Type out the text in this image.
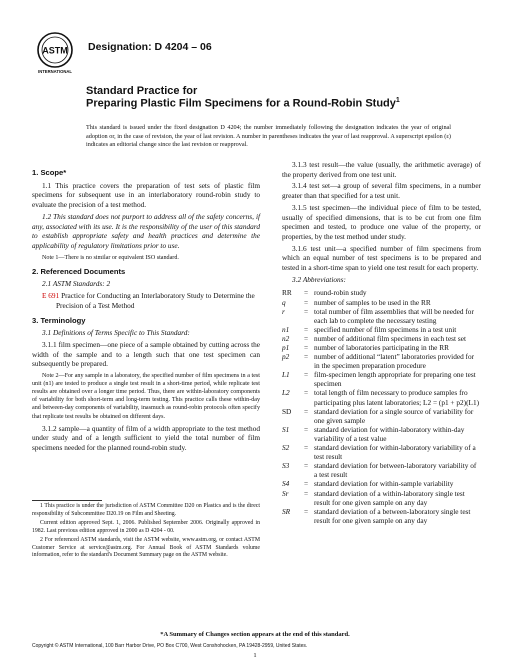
ASTM
INTERNATIONAL
Designation: D 4204 – 06
Standard Practice for
Preparing Plastic Film Specimens for a Round-Robin Study$^1$
This standard is issued under the fixed designation D 4204; the number immediately following the designation indicates the year of original adoption or, in the case of revision, the year of last revision. A number in parentheses indicates the year of last reapproval. A superscript epsilon (ε) indicates an editorial change since the last revision or reapproval.
1. Scope*

1.1 This practice covers the preparation of test sets of plastic film specimens for subsequent use in an interlaboratory round-robin study to evaluate the precision of a test method.

1.2 This standard does not purport to address all of the safety concerns, if any, associated with its use. It is the responsibility of the user of this standard to establish appropriate safety and health practices and determine the applicability of regulatory limitations prior to use.

Note 1—There is no similar or equivalent ISO standard.

2. Referenced Documents

2.1 ASTM Standards: 2

E 691 Practice for Conducting an Interlaboratory Study to Determine the Precision of a Test Method

3. Terminology

3.1 Definitions of Terms Specific to This Standard:

3.1.1 film specimen—one piece of a sample obtained by cutting across the width of the sample and to a length such that one test specimen can subsequently be prepared.

Note 2—For any sample in a laboratory, the specified number of film specimens in a test unit (n1) are tested to produce a single test result in a short-time period, while replicate test results are obtained over a longer time period. Thus, there are within-laboratory components of variability for both short-term and long-term testing. This practice calls these within-day and between-day components of variability, inasmuch as round-robin protocols often specify that replicate test results be obtained on different days.

3.1.2 sample—a quantity of film of a width appropriate to the test method under study and of a length sufficient to yield the total number of film specimens needed for the planned round-robin study.

1 This practice is under the jurisdiction of ASTM Committee D20 on Plastics and is the direct responsibility of Subcommittee D20.19 on Film and Sheeting.

Current edition approved Sept. 1, 2006. Published September 2006. Originally approved in 1982. Last previous edition approved in 2000 as D 4204 - 00.

2 For referenced ASTM standards, visit the ASTM website, www.astm.org, or contact ASTM Customer Service at service@astm.org. For Annual Book of ASTM Standards volume information, refer to the standard's Document Summary page on the ASTM website.

3.1.3 test result—the value (usually, the arithmetic average) of the property derived from one test unit.

3.1.4 test set—a group of several film specimens, in a number greater than that specified for a test unit.

3.1.5 test specimen—the individual piece of film to be tested, usually of specified dimensions, that is to be cut from one film specimen and tested, to produce one value of the property, or properties, by the test method under study.

3.1.6 test unit—a specified number of film specimens from which an equal number of test specimens is to be prepared and tested in a short-time span to yield one test result for each property.

3.2 Abbreviations:

RR	= round-robin study
q	= number of samples to be used in the RR
r	= total number of film assemblies that will be needed for each lab to complete the necessary testing
n1	= specified number of film specimens in a test unit
n2	= number of additional film specimens in each test set
p1	= number of laboratories participating in the RR
p2	= number of additional “latent” laboratories provided for in the specimen preparation procedure
L1	= film-specimen length appropriate for preparing one test specimen
L2	= total length of film necessary to produce samples fro participating plus latent laboratories; L2 = (p1 + p2)(L1)
SD	= standard deviation for a single source of variability for one given sample
S1	= standard deviation for within-laboratory within-day variability of a test value
S2	= standard deviation for within-laboratory variability of a test result
S3	= standard deviation for between-laboratory variability of a test result
S4	= standard deviation for within-sample variability
Sr	= standard deviation of a within-laboratory single test result for one given sample on any day
SR	= standard deviation of a between-laboratory single test result for one given sample on any day
*A Summary of Changes section appears at the end of this standard.
Copyright © ASTM International, 100 Barr Harbor Drive, PO Box C700, West Conshohocken, PA 19428-2959, United States.
1
